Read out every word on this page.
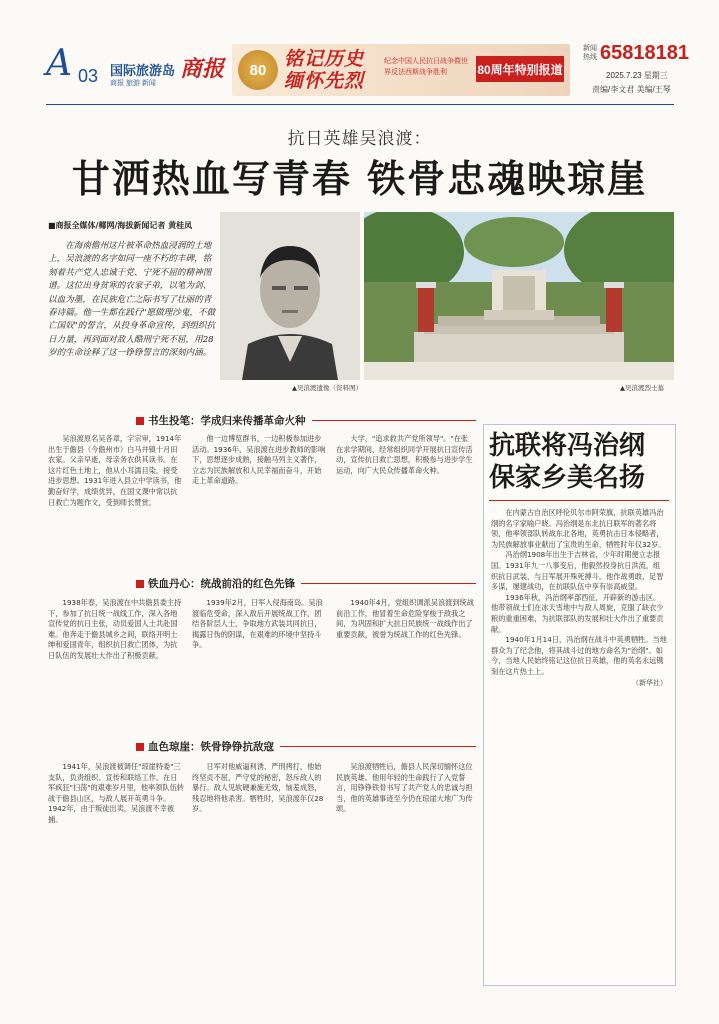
A 03 国际旅游岛
商报 旅游 新闻
商报	80 铭记历史 缅怀先烈
纪念中国人民抗日战争暨世界反法西斯战争胜利	80周年特别报道
新闻热线 65818181
2025.7.23 星期三
责编/李文君 美编/王琴
抗日英雄吴浪渡：
甘洒热血写青春 铁骨忠魂映琼崖
■商报全媒体/椰网/海拔新闻记者 黄桂凤

在海南儋州这片被革命热血浸润的土地上，吴浪渡的名字如同一座不朽的丰碑，铭刻着共产党人忠诚于党、宁死不屈的精神图谱。这位出身贫寒的农家子弟，以笔为剑、以血为墨，在民族危亡之际书写了壮丽的青春诗篇。他一生都在践行"愿做理沙鬼，不做亡国奴"的誓言，从投身革命宣传，到组织抗日力量，再到面对敌人酷刑宁死不屈，用28岁的生命诠释了这一铮铮誓言的深刻内涵。

▲吴浪渡遗像（资料图）	▲吴浪渡烈士墓
书生投笔：学成归来传播革命火种

吴浪渡原名吴各章，字宗审，1914年出生于儋县（今儋州市）白马井镇十月田农家。父亲早逝，母亲务农供其读书。在这片红色土地上，他从小耳濡目染，接受进步思想。1931年进入县立中学读书，他勤奋好学，成绩优异，在国文课中常以抗日救亡为题作文，受到师长赞赏。

他一边博览群书，一边积极参加进步活动。1936年，吴浪渡在进步教师的影响下，思想逐步成熟，接触马列主义著作，立志为民族解放和人民幸福而奋斗，开始走上革命道路。

大学，"追求救共产党所领导"。"在张在求学期间，经常组织同学开展抗日宣传活动，宣传抗日救亡思想，积极参与进步学生运动，向广大民众传播革命火种。

铁血丹心：统战前沿的红色先锋

1938年春，吴浪渡在中共儋县委主持下，参加了抗日统一战线工作，深入各地宣传党的抗日主张，动员爱国人士共赴国难。他奔走于儋县城乡之间，联络开明士绅和爱国青年，组织抗日救亡团体，为抗日队伍的发展壮大作出了积极贡献。

1939年2月，日军入侵海南岛。吴浪渡临危受命，深入敌后开展统战工作，团结各阶层人士，争取地方武装共同抗日，揭露日伪的阴谋，在艰难的环境中坚持斗争。

1940年4月，党组织调派吴浪渡到统战前沿工作，他冒着生命危险穿梭于敌我之间，为巩固和扩大抗日民族统一战线作出了重要贡献，被誉为统战工作的红色先锋。

血色琼崖：铁骨铮铮抗敌寇

1941年，吴浪渡被调任"琼崖特委"三支队，负责组织、宣传和联络工作。在日军疯狂"扫荡"的艰难岁月里，他率领队伍转战于儋县山区，与敌人展开英勇斗争。1942年，由于叛徒出卖，吴浪渡不幸被捕。

日军对他威逼利诱、严刑拷打，他始终坚贞不屈，严守党的秘密，怒斥敌人的暴行。敌人见软硬兼施无效，恼羞成怒，残忍地将他杀害。牺牲时，吴浪渡年仅28岁。

吴浪渡牺牲后，儋县人民深切缅怀这位民族英雄。他用年轻的生命践行了入党誓言，用铮铮铁骨书写了共产党人的忠诚与担当，他的英雄事迹至今仍在琼崖大地广为传颂。

抗联将冯治纲 保家乡美名扬

在内蒙古自治区呼伦贝尔市阿荣旗，抗联英雄冯治纲的名字家喻户晓。冯治纲是东北抗日联军的著名将领，他率领部队转战东北各地，英勇抗击日本侵略者，为民族解放事业献出了宝贵的生命，牺牲时年仅32岁。

冯治纲1908年出生于吉林省，少年时期便立志报国。1931年九一八事变后，他毅然投身抗日洪流，组织抗日武装，与日军展开殊死搏斗。他作战勇敢、足智多谋，屡建战功，在抗联队伍中享有崇高威望。

1936年秋，冯治纲率部西征，开辟新的游击区。他带领战士们在冰天雪地中与敌人周旋，克服了缺衣少粮的重重困难，为抗联部队的发展和壮大作出了重要贡献。

1940年1月14日，冯治纲在战斗中英勇牺牲。当地群众为了纪念他，将其战斗过的地方命名为"治纲"。如今，当地人民始终铭记这位抗日英雄，他的英名永远镌刻在这片热土上。

（新华社）
